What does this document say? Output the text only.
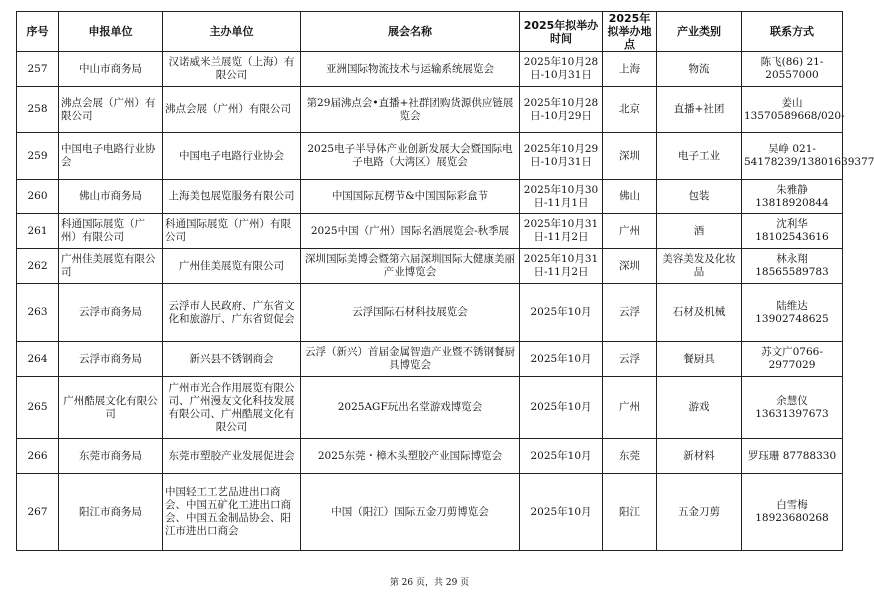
序号	申报单位	主办单位	展会名称	2025年拟举办时间	2025年拟举办地点	产业类别	联系方式
257	中山市商务局	汉诺威米兰展览（上海）有限公司	亚洲国际物流技术与运输系统展览会	2025年10月28日-10月31日	上海	物流	陈飞(86) 21-20557000
258	沸点会展（广州）有限公司	沸点会展（广州）有限公司	第29届沸点会•直播+社群团购货源供应链展览会	2025年10月28日-10月29日	北京	直播+社团	姜山 13570589668/020-
259	中国电子电路行业协会	中国电子电路行业协会	2025电子半导体产业创新发展大会暨国际电子电路（大湾区）展览会	2025年10月29日-10月31日	深圳	电子工业	吴峥 021-54178239/13801639377
260	佛山市商务局	上海美包展览服务有限公司	中国国际瓦楞节&中国国际彩盒节	2025年10月30日-11月1日	佛山	包装	朱雅静 13818920844
261	科通国际展览（广州）有限公司	科通国际展览（广州）有限公司	2025中国（广州）国际名酒展览会-秋季展	2025年10月31日-11月2日	广州	酒	沈利华 18102543616
262	广州佳美展览有限公司	广州佳美展览有限公司	深圳国际美博会暨第六届深圳国际大健康美丽产业博览会	2025年10月31日-11月2日	深圳	美容美发及化妆品	林永翔 18565589783
263	云浮市商务局	云浮市人民政府、广东省文化和旅游厅、广东省贸促会	云浮国际石材科技展览会	2025年10月	云浮	石材及机械	陆维达 13902748625
264	云浮市商务局	新兴县不锈钢商会	云浮（新兴）首届金属智造产业暨不锈钢餐厨具博览会	2025年10月	云浮	餐厨具	苏文广0766-2977029
265	广州酷展文化有限公司	广州市光合作用展览有限公司、广州漫友文化科技发展有限公司、广州酷展文化有限公司	2025AGF玩出名堂游戏博览会	2025年10月	广州	游戏	余慧仪 13631397673
266	东莞市商务局	东莞市塑胶产业发展促进会	2025东莞・樟木头塑胶产业国际博览会	2025年10月	东莞	新材料	罗珏珊 87788330
267	阳江市商务局	中国轻工工艺品进出口商会、中国五矿化工进出口商会、中国五金制品协会、阳江市进出口商会	中国（阳江）国际五金刀剪博览会	2025年10月	阳江	五金刀剪	白雪梅 18923680268
第 26 页，共 29 页
